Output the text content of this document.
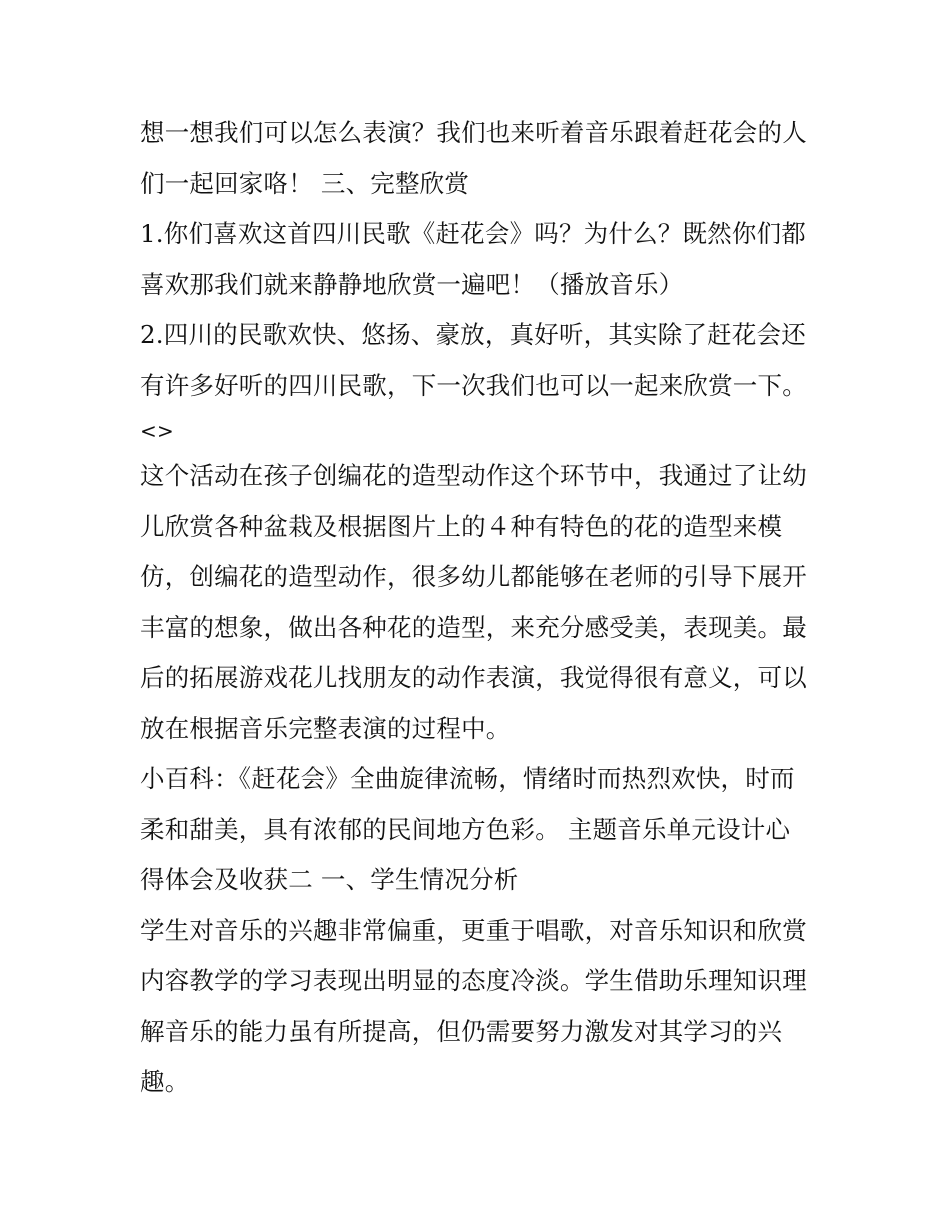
想一想我们可以怎么表演？我们也来听着音乐跟着赶花会的人
们一起回家咯！ 三、完整欣赏
1.你们喜欢这首四川民歌《赶花会》吗？为什么？既然你们都
喜欢那我们就来静静地欣赏一遍吧！（播放音乐）
2.四川的民歌欢快、悠扬、豪放，真好听，其实除了赶花会还
有许多好听的四川民歌，下一次我们也可以一起来欣赏一下。
<>
这个活动在孩子创编花的造型动作这个环节中，我通过了让幼
儿欣赏各种盆栽及根据图片上的４种有特色的花的造型来模
仿，创编花的造型动作，很多幼儿都能够在老师的引导下展开
丰富的想象，做出各种花的造型，来充分感受美，表现美。最
后的拓展游戏花儿找朋友的动作表演，我觉得很有意义，可以
放在根据音乐完整表演的过程中。
小百科：《赶花会》全曲旋律流畅，情绪时而热烈欢快，时而
柔和甜美，具有浓郁的民间地方色彩。 主题音乐单元设计心
得体会及收获二 一、学生情况分析
学生对音乐的兴趣非常偏重，更重于唱歌，对音乐知识和欣赏
内容教学的学习表现出明显的态度冷淡。学生借助乐理知识理
解音乐的能力虽有所提高，但仍需要努力激发对其学习的兴
趣。
